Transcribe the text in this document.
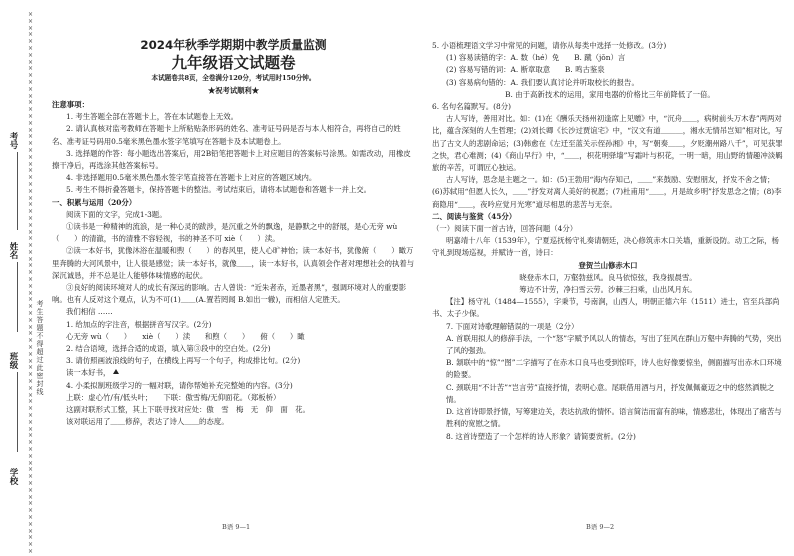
××××××××××××××××××××××××××××××××××××××××××××××××××××××××××××××××××××××××××××××××
考号
姓名
班级
学校
考生答题不得超过此密封线
2024年秋季学期期中教学质量监测
九年级语文试题卷
本试题卷共8页，全卷满分120分，考试用时150分钟。
★祝考试顺利★

注意事项：

1. 考生答题全部在答题卡上，答在本试题卷上无效。

2. 请认真核对监考教师在答题卡上所粘贴条形码的姓名、准考证号码是否与本人相符合，再将自己的姓名、准考证号码用0.5毫米黑色墨水签字笔填写在答题卡及本试题卷上。

3. 选择题的作答：每小题选出答案后，用2B铅笔把答题卡上对应题目的答案标号涂黑。如需改动，用橡皮擦干净后，再选涂其他答案标号。

4. 非选择题用0.5毫米黑色墨水签字笔直接答在答题卡上对应的答题区域内。

5. 考生不得折叠答题卡，保持答题卡的整洁。考试结束后，请将本试题卷和答题卡一并上交。

一、积累与运用（20分）

阅读下面的文字，完成1-3题。

①读书是一种精神的流浪，是一种心灵的跋涉，是沉重之外的飘逸，是静默之中的舒展，是心无旁 wù（　　）的清澈，书的清雅不容轻视，书的神圣不可 xiè（　　）渎。

②读一本好书，犹像沐浴在温暖和煦（　　）的春风里，使人心旷神怡；读一本好书，犹像俯（　　）瞰万里奔腾的大河风景中，让人很是感觉；读一本好书，就像＿＿，读一本好书，认真领会作者对理想社会的执着与深沉诚恳，并不总是让人能够体味情感的起伏。

③良好的阅读环境对人的成长有深远的影响。古人曾说：“近朱者赤，近墨者黑”，强调环境对人的重要影响。也有人反对这个观点，认为不可(1)＿＿(A.置若罔闻 B.如出一辙)，而相信人定胜天。

我们相信 ……

1. 给加点的字注音，根据拼音写汉字。(2分)

心无旁 wù（　　）　　xiè（　　）渎　　和煦（　　）　　俯（　　）瞰

2. 结合语境，选择合适的成语，填入第③段中的空白处。(2分)

3. 请仿照画波浪线的句子，在横线上再写一个句子，构成排比句。(2分)

读一本好书，

4. 小柔拟制班级学习的一幅对联，请你帮她补充完整她的内容。(3分)

上联：虚心竹/有/低头叶；　　下联：傲雪梅/无仰面花。（郑板桥）

这副对联形式工整，其上下联寻找对应处：傲　雪　梅　无　仰　面　花。

该对联运用了＿＿修辞，表达了诗人＿＿的态度。

B语 9—1

5. 小语梳理语文学习中常见的问题，请你从每类中选择一处修改。(3分)

(1) 容易读错的字：A. 数（hé）免　　B. 蹴（jǒn）言

(2) 容易写错的词：A. 断章取意　　B. 鸣古鉴泉

(3) 容易病句错的：A. 我们要认真讨论并听取校长的报告。

　　　　　　　　B. 由于高新技术的运用，家用电器的价格比三年前降低了一倍。

6. 名句名篇默写。(8分)

古人写诗，善用对比。如：(1)在《酬乐天扬州初逢席上见赠》中，“沉舟＿＿，病树前头万木春”两两对比，蕴含深刻的人生哲理；(2)刘长卿《长沙过贾谊宅》中，“汉文有道＿＿＿，湘水无情吊岂知”相对比，写出了古文人的悲剧命运；(3)韩愈在《左迁至蓝关示侄孙湘》中，写“朝奏＿＿，夕贬潮州路八千”，可见获罪之快，君心难测；(4)《商山早行》中，“＿＿，枳花明驿墙”写霜叶与枳花，一明一暗，用山野的情趣冲淡羁旅的辛苦，可谓匠心独运。

古人写诗，思念是主题之一。如：(5)王勃用“海内存知己，＿＿”来鼓励、安慰朋友，抒发不舍之情；(6)苏轼用“但愿人长久，＿＿”抒发对离人美好的祝愿；(7)杜甫用“＿＿，月是故乡明”抒发思念之情；(8)李商隐用“＿＿，夜吟应觉月光寒”道尽相思的悲苦与无奈。

二、阅读与鉴赏（45分）

（一）阅读下面一首古诗，回答问题（4分）

明嘉靖十八年（1539年），宁夏巡抚杨守礼奏请朝廷，决心修筑赤木口关墙，重新设防。动工之际，杨守礼到现场巡视，并赋诗一首，诗曰：

登贺兰山修赤木口

晓登赤木口，万壑勃兹风。良马依惊弦，我身振晨雪。

筹边不计劳，净扫雪云劳。沙棘三扫乘，山出风月东。

【注】杨守礼（1484—1555），字秉节，号南涧，山西人，明朝正德六年（1511）进士，官至兵部尚书、太子少保。

7. 下面对诗歌理解错误的一项是（2分）

A. 首联用拟人的修辞手法，一个“怒”字赋予风以人的情态，写出了狂风在群山万壑中奔腾的气势，突出了风的强劲。

B. 颔联中的“惊”“图”二字描写了在赤木口良马也受到惊吓，诗人也好像要惊坐，侧面描写出赤木口环境的险要。

C. 颈联用“不计苦”“岂言劳”直接抒情，表明心意。尾联借用酒与月，抒发佩佩豪迈之中的悠然洒脱之情。

D. 这首诗即景抒情，写筹建边关，表达抗敌的情怀。语言简洁而富有韵味，情感悲壮，体现出了痛苦与胜利的宽慰之情。

8. 这首诗塑造了一个怎样的诗人形象？请简要赏析。(2分)

B语 9—2
